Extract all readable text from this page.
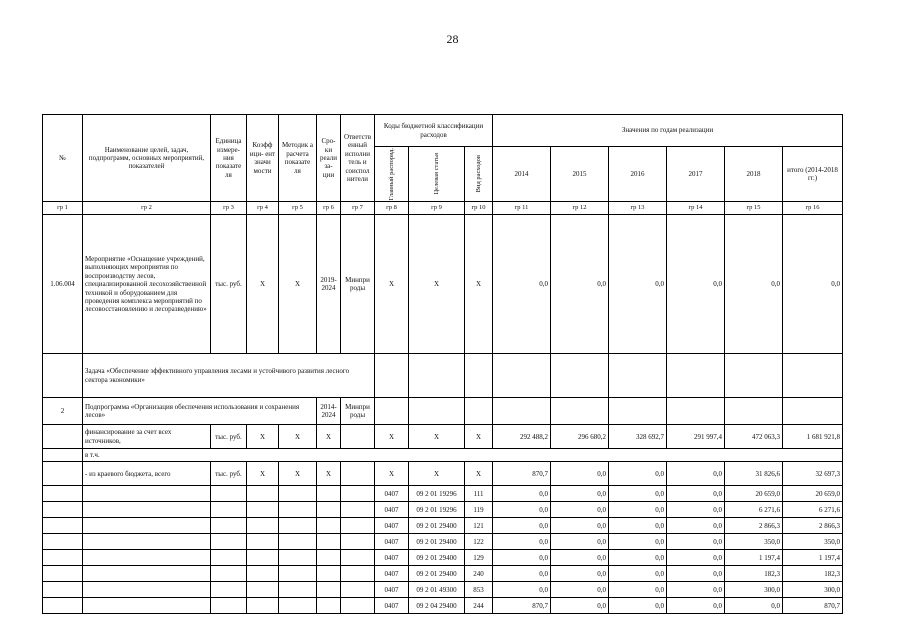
28
№	Наименование целей, задач, подпрограмм, основных мероприятий, показателей	Единица измере- ния показате ля	Коэфф ици- ент значи мости	Методик а расчета показате ля	Сро- ки реали за- ции	Ответств енный исполни тель и соиспол нители	Коды бюджетной классификации расходов			Значения по годам реализации					

							Главный распоряд.	Целевая статья	Вид расходов	2014	2015	2016	2017	2018	итого (2014-2018 гг.)
гр 1	гр 2	гр 3	гр 4	гр 5	гр 6	гр 7	гр 8	гр 9	гр 10	гр 11	гр 12	гр 13	гр 14	гр 15	гр 16
1.06.004	Мероприятие «Оснащение учреждений, выполняющих мероприятия по воспроизводству лесов, специализированной лесохозяйственной техникой и оборудованием для проведения комплекса мероприятий по лесовосстановлению и лесоразведению»	тыс. руб.	X	X	2019-2024	Минпри роды	X	X	X	0,0	0,0	0,0	0,0	0,0	0,0
	Задача «Обеспечение эффективного управления лесами и устойчивого развития лесного сектора экономики»														
2	Подпрограмма «Организация обеспечения использования и сохранения лесов»				2014-2024	Минпри роды									
	финансирование за счет всех источников,	тыс. руб.	X	X	X		X	X	X	292 488,2	296 680,2	328 692,7	291 997,4	472 063,3	1 681 921,8
	в т.ч.														
	- из краевого бюджета, всего	тыс. руб.	X	X	X		X	X	X	870,7	0,0	0,0	0,0	31 826,6	32 697,3
							0407	09 2 01 19296	111	0,0	0,0	0,0	0,0	20 659,0	20 659,0
							0407	09 2 01 19296	119	0,0	0,0	0,0	0,0	6 271,6	6 271,6
							0407	09 2 01 29400	121	0,0	0,0	0,0	0,0	2 866,3	2 866,3
							0407	09 2 01 29400	122	0,0	0,0	0,0	0,0	350,0	350,0
							0407	09 2 01 29400	129	0,0	0,0	0,0	0,0	1 197,4	1 197,4
							0407	09 2 01 29400	240	0,0	0,0	0,0	0,0	182,3	182,3
							0407	09 2 01 49300	853	0,0	0,0	0,0	0,0	300,0	300,0
							0407	09 2 04 29400	244	870,7	0,0	0,0	0,0	0,0	870,7
